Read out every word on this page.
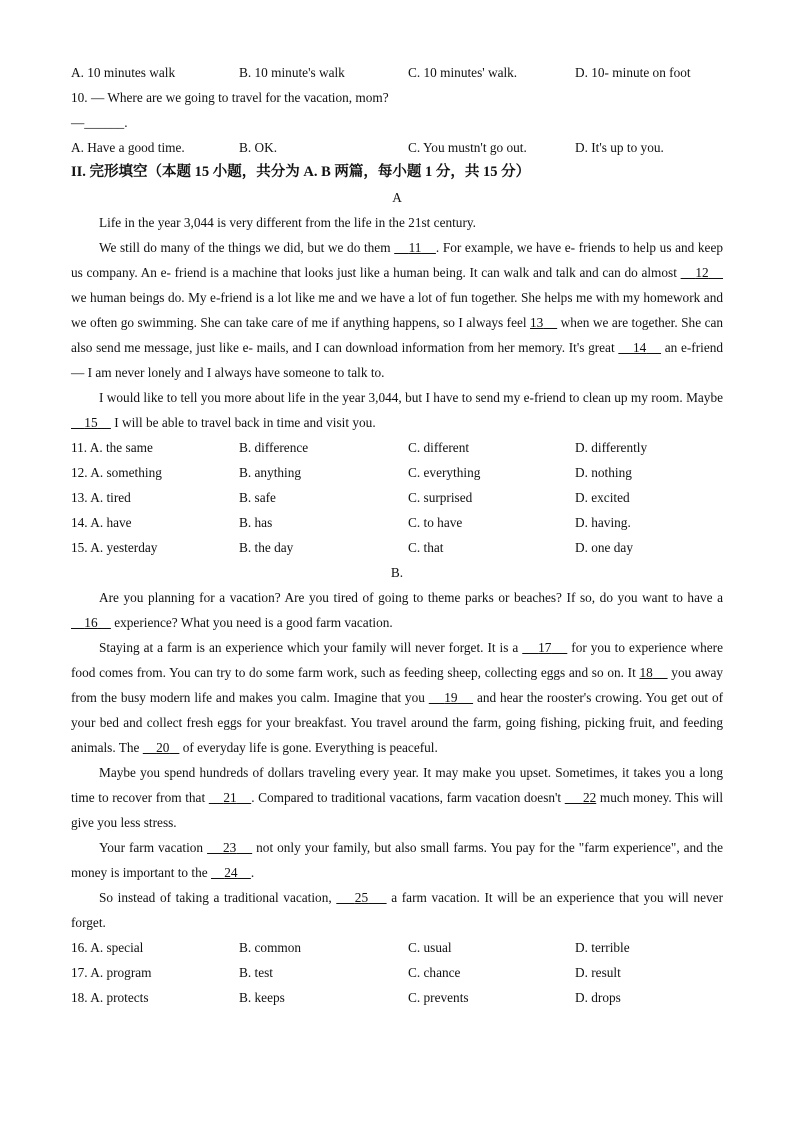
A. 10 minutes walk	B. 10 minute's walk	C. 10 minutes' walk.	D. 10- minute on foot
10. — Where are we going to travel for the vacation, mom?
—______.
A. Have a good time.	B. OK.	C. You mustn't go out.	D. It's up to you.
II. 完形填空（本题 15 小题，共分为 A. B 两篇，每小题 1 分，共 15 分）
A

Life in the year 3,044 is very different from the life in the 21st century.

We still do many of the things we did, but we do them 11 . For example, we have e- friends to help us and keep us company. An e- friend is a machine that looks just like a human being. It can walk and talk and can do almost 12     we human beings do. My e-friend is a lot like me and we have a lot of fun together. She helps me with my homework and we often go swimming. She can take care of me if anything happens, so I always feel 13 when we are together. She can also send me message, just like e- mails, and I can download information from her memory. It's great 14 an e-friend — I am never lonely and I always have someone to talk to.

I would like to tell you more about life in the year 3,044, but I have to send my e-friend to clean up my room. Maybe     15 I will be able to travel back in time and visit you.

11. A. the same	B. difference	C. different	D. differently
12. A. something	B. anything	C. everything	D. nothing
13. A. tired	B. safe	C. surprised	D. excited
14. A. have	B. has	C. to have	D. having.
15. A. yesterday	B. the day	C. that	D. one day
B.

Are you planning for a vacation? Are you tired of going to theme parks or beaches? If so, do you want to have a     16 experience? What you need is a good farm vacation.

Staying at a farm is an experience which your family will never forget. It is a 17 for you to experience where food comes from. You can try to do some farm work, such as feeding sheep, collecting eggs and so on. It 18 you away from the busy modern life and makes you calm. Imagine that you 19 and hear the rooster's crowing. You get out of your bed and collect fresh eggs for your breakfast. You travel around the farm, going fishing, picking fruit, and feeding animals. The 20 of everyday life is gone. Everything is peaceful.

Maybe you spend hundreds of dollars traveling every year. It may make you upset. Sometimes, it takes you a long time to recover from that 21 . Compared to traditional vacations, farm vacation doesn't 22 much money. This will give you less stress.

Your farm vacation 23 not only your family, but also small farms. You pay for the "farm experience", and the money is important to the 24 .

So instead of taking a traditional vacation, 25 a farm vacation. It will be an experience that you will never forget.

16. A. special	B. common	C. usual	D. terrible
17. A. program	B. test	C. chance	D. result
18. A. protects	B. keeps	C. prevents	D. drops
